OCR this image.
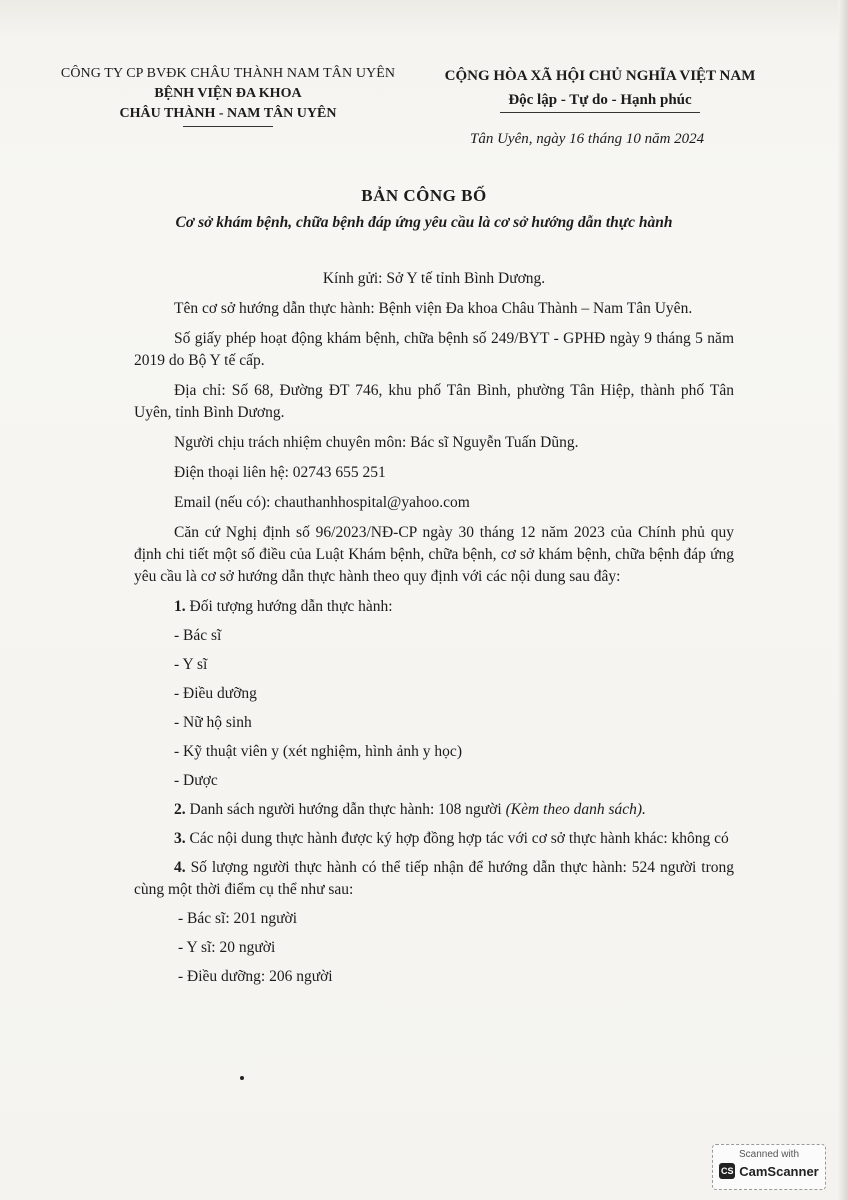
CÔNG TY CP BVĐK CHÂU THÀNH NAM TÂN UYÊN
BỆNH VIỆN ĐA KHOA
CHÂU THÀNH - NAM TÂN UYÊN
CỘNG HÒA XÃ HỘI CHỦ NGHĨA VIỆT NAM
Độc lập - Tự do - Hạnh phúc
Tân Uyên, ngày 16 tháng 10 năm 2024
BẢN CÔNG BỐ
Cơ sở khám bệnh, chữa bệnh đáp ứng yêu cầu là cơ sở hướng dẫn thực hành

Kính gửi: Sở Y tế tỉnh Bình Dương.

Tên cơ sở hướng dẫn thực hành: Bệnh viện Đa khoa Châu Thành – Nam Tân Uyên.

Số giấy phép hoạt động khám bệnh, chữa bệnh số 249/BYT - GPHĐ ngày 9 tháng 5 năm 2019 do Bộ Y tế cấp.

Địa chỉ: Số 68, Đường ĐT 746, khu phố Tân Bình, phường Tân Hiệp, thành phố Tân Uyên, tỉnh Bình Dương.

Người chịu trách nhiệm chuyên môn: Bác sĩ Nguyễn Tuấn Dũng.

Điện thoại liên hệ: 02743 655 251

Email (nếu có): chauthanhhospital@yahoo.com

Căn cứ Nghị định số 96/2023/NĐ-CP ngày 30 tháng 12 năm 2023 của Chính phủ quy định chi tiết một số điều của Luật Khám bệnh, chữa bệnh, cơ sở khám bệnh, chữa bệnh đáp ứng yêu cầu là cơ sở hướng dẫn thực hành theo quy định với các nội dung sau đây:

1. Đối tượng hướng dẫn thực hành:

- Bác sĩ

- Y sĩ

- Điều dưỡng

- Nữ hộ sinh

- Kỹ thuật viên y (xét nghiệm, hình ảnh y học)

- Dược

2. Danh sách người hướng dẫn thực hành: 108 người (Kèm theo danh sách).

3. Các nội dung thực hành được ký hợp đồng hợp tác với cơ sở thực hành khác: không có

4. Số lượng người thực hành có thể tiếp nhận để hướng dẫn thực hành: 524 người trong cùng một thời điểm cụ thể như sau:

- Bác sĩ: 201 người

- Y sĩ: 20 người

- Điều dưỡng: 206 người

Scanned with
CS CamScanner
